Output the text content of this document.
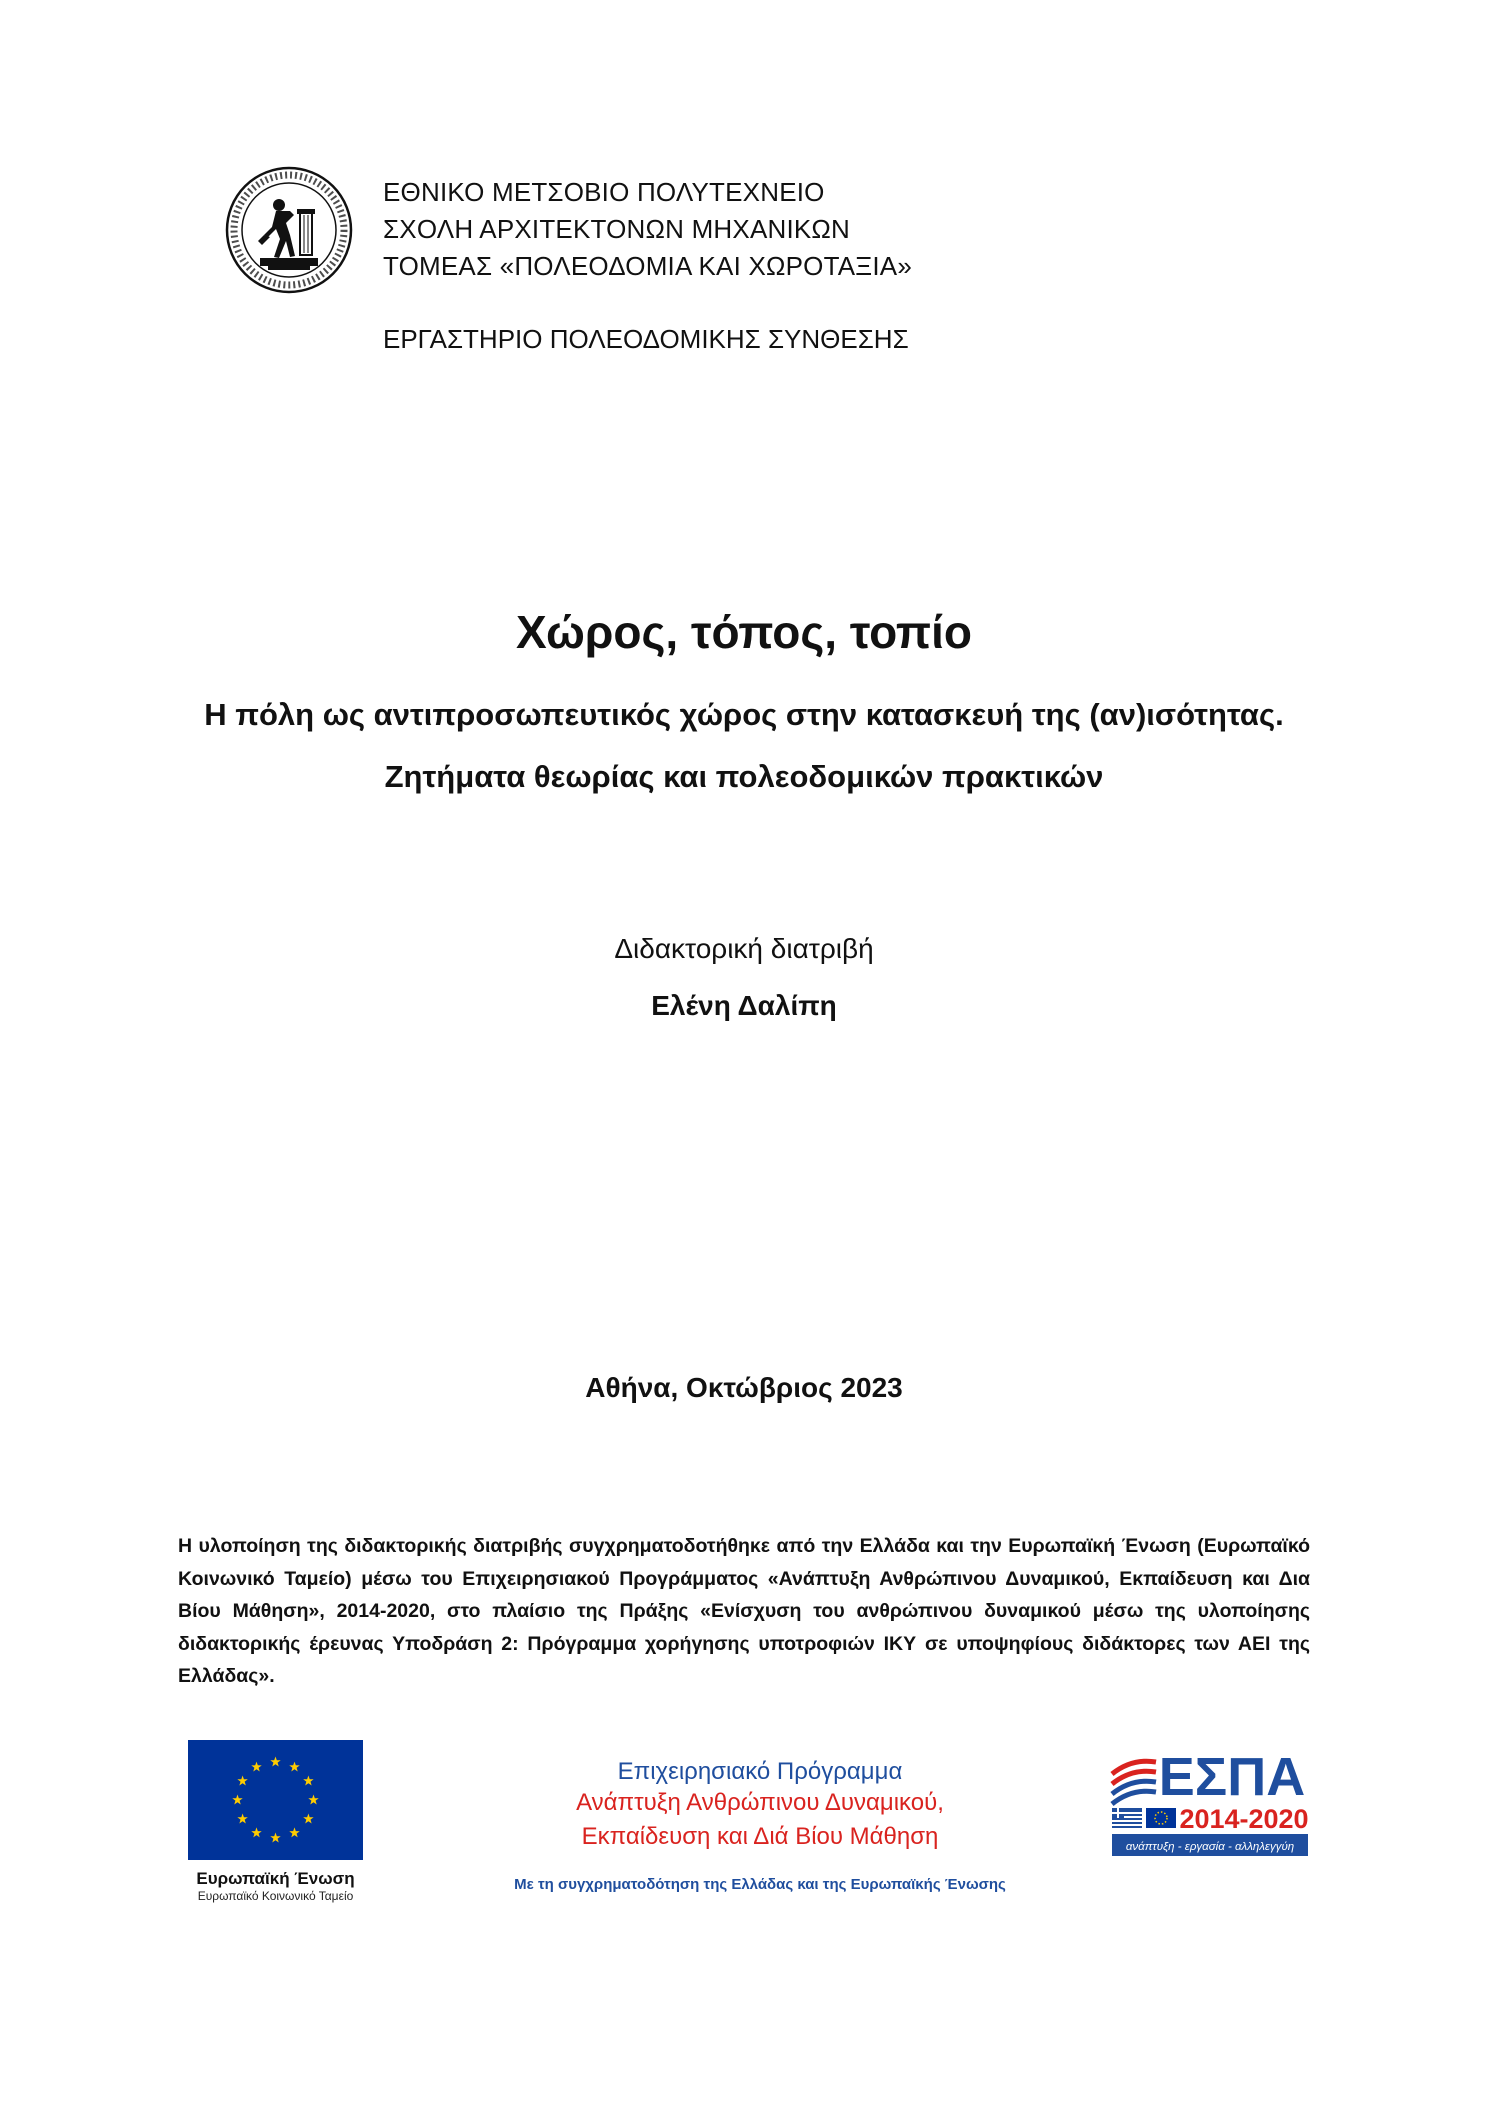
ΕΘΝΙΚΟ ΜΕΤΣΟΒΙΟ ΠΟΛΥΤΕΧΝΕΙΟ
ΣΧΟΛΗ ΑΡΧΙΤΕΚΤΟΝΩΝ ΜΗΧΑΝΙΚΩΝ
ΤΟΜΕΑΣ «ΠΟΛΕΟΔΟΜΙΑ ΚΑΙ ΧΩΡΟΤΑΞΙΑ»
ΕΡΓΑΣΤΗΡΙΟ ΠΟΛΕΟΔΟΜΙΚΗΣ ΣΥΝΘΕΣΗΣ
Χώρος, τόπος, τοπίο
Η πόλη ως αντιπροσωπευτικός χώρος στην κατασκευή της (αν)ισότητας.
Ζητήματα θεωρίας και πολεοδομικών πρακτικών
Διδακτορική διατριβή
Ελένη Δαλίπη
Αθήνα, Οκτώβριος 2023
Η υλοποίηση της διδακτορικής διατριβής συγχρηματοδοτήθηκε από την Ελλάδα και την Ευρωπαϊκή Ένωση (Ευρωπαϊκό Κοινωνικό Ταμείο) μέσω του Επιχειρησιακού Προγράμματος «Ανάπτυξη Ανθρώπινου Δυναμικού, Εκπαίδευση και Δια Βίου Μάθηση», 2014-2020, στο πλαίσιο της Πράξης «Ενίσχυση του ανθρώπινου δυναμικού μέσω της υλοποίησης διδακτορικής έρευνας Υποδράση 2: Πρόγραμμα χορήγησης υποτροφιών ΙΚΥ σε υποψηφίους διδάκτορες των ΑΕΙ της Ελλάδας».
Ευρωπαϊκή Ένωση
Ευρωπαϊκό Κοινωνικό Ταμείο
Επιχειρησιακό Πρόγραμμα
Ανάπτυξη Ανθρώπινου Δυναμικού,
Εκπαίδευση και Διά Βίου Μάθηση
Με τη συγχρηματοδότηση της Ελλάδας και της Ευρωπαϊκής Ένωσης
ΕΣΠΑ
2014-2020
ανάπτυξη - εργασία - αλληλεγγύη
